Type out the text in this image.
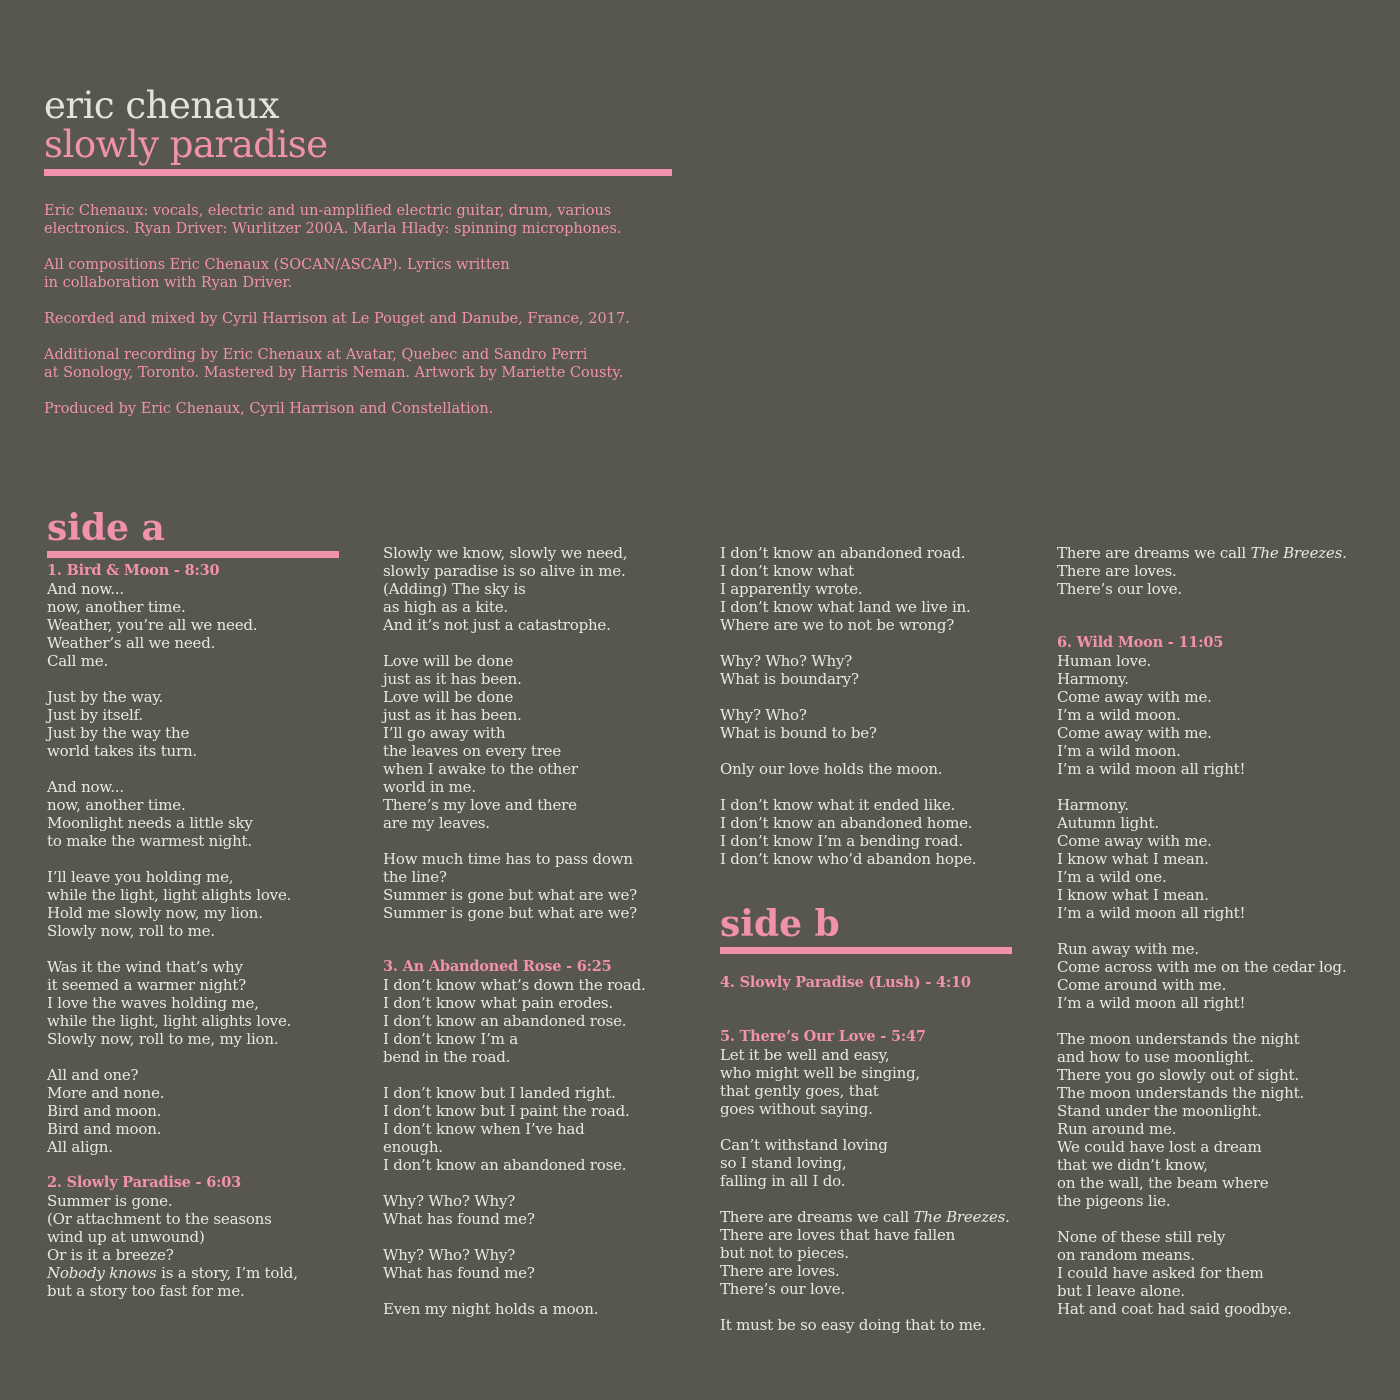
eric chenaux
slowly paradise

Eric Chenaux: vocals, electric and un-amplified electric guitar, drum, various
electronics. Ryan Driver: Wurlitzer 200A. Marla Hlady: spinning microphones.

All compositions Eric Chenaux (SOCAN/ASCAP). Lyrics written
in collaboration with Ryan Driver.

Recorded and mixed by Cyril Harrison at Le Pouget and Danube, France, 2017.

Additional recording by Eric Chenaux at Avatar, Quebec and Sandro Perri
at Sonology, Toronto. Mastered by Harris Neman. Artwork by Mariette Cousty.

Produced by Eric Chenaux, Cyril Harrison and Constellation.

side a

1. Bird & Moon - 8:30

And now...
now, another time.
Weather, you’re all we need.
Weather’s all we need.
Call me.

Just by the way.
Just by itself.
Just by the way the
world takes its turn.

And now...
now, another time.
Moonlight needs a little sky
to make the warmest night.

I’ll leave you holding me,
while the light, light alights love.
Hold me slowly now, my lion.
Slowly now, roll to me.

Was it the wind that’s why
it seemed a warmer night?
I love the waves holding me,
while the light, light alights love.
Slowly now, roll to me, my lion.

All and one?
More and none.
Bird and moon.
Bird and moon.
All align.

2. Slowly Paradise - 6:03

Summer is gone.
(Or attachment to the seasons
wind up at unwound)
Or is it a breeze?

Nobody knows is a story, I’m told,

but a story too fast for me.

Slowly we know, slowly we need,
slowly paradise is so alive in me.
(Adding) The sky is
as high as a kite.
And it’s not just a catastrophe.

Love will be done
just as it has been.
Love will be done
just as it has been.
I’ll go away with
the leaves on every tree
when I awake to the other
world in me.
There’s my love and there
are my leaves.

How much time has to pass down
the line?
Summer is gone but what are we?
Summer is gone but what are we?

3. An Abandoned Rose - 6:25

I don’t know what’s down the road.
I don’t know what pain erodes.
I don’t know an abandoned rose.
I don’t know I’m a
bend in the road.

I don’t know but I landed right.
I don’t know but I paint the road.
I don’t know when I’ve had
enough.
I don’t know an abandoned rose.

Why? Who? Why?
What has found me?

Why? Who? Why?
What has found me?

Even my night holds a moon.

I don’t know an abandoned road.
I don’t know what
I apparently wrote.
I don’t know what land we live in.
Where are we to not be wrong?

Why? Who? Why?
What is boundary?

Why? Who?
What is bound to be?

Only our love holds the moon.

I don’t know what it ended like.
I don’t know an abandoned home.
I don’t know I’m a bending road.
I don’t know who’d abandon hope.

4. Slowly Paradise (Lush) - 4:10

5. There’s Our Love - 5:47

Let it be well and easy,
who might well be singing,
that gently goes, that
goes without saying.

Can’t withstand loving
so I stand loving,
falling in all I do.

There are dreams we call The Breezes.

There are loves that have fallen
but not to pieces.
There are loves.
There’s our love.

It must be so easy doing that to me.

side b

There are dreams we call The Breezes.

There are loves.
There’s our love.

6. Wild Moon - 11:05

Human love.
Harmony.
Come away with me.
I’m a wild moon.
Come away with me.
I’m a wild moon.
I’m a wild moon all right!

Harmony.
Autumn light.
Come away with me.
I know what I mean.
I’m a wild one.
I know what I mean.
I’m a wild moon all right!

Run away with me.
Come across with me on the cedar log.
Come around with me.
I’m a wild moon all right!

The moon understands the night
and how to use moonlight.
There you go slowly out of sight.
The moon understands the night.
Stand under the moonlight.
Run around me.
We could have lost a dream
that we didn’t know,
on the wall, the beam where
the pigeons lie.

None of these still rely
on random means.
I could have asked for them
but I leave alone.
Hat and coat had said goodbye.
